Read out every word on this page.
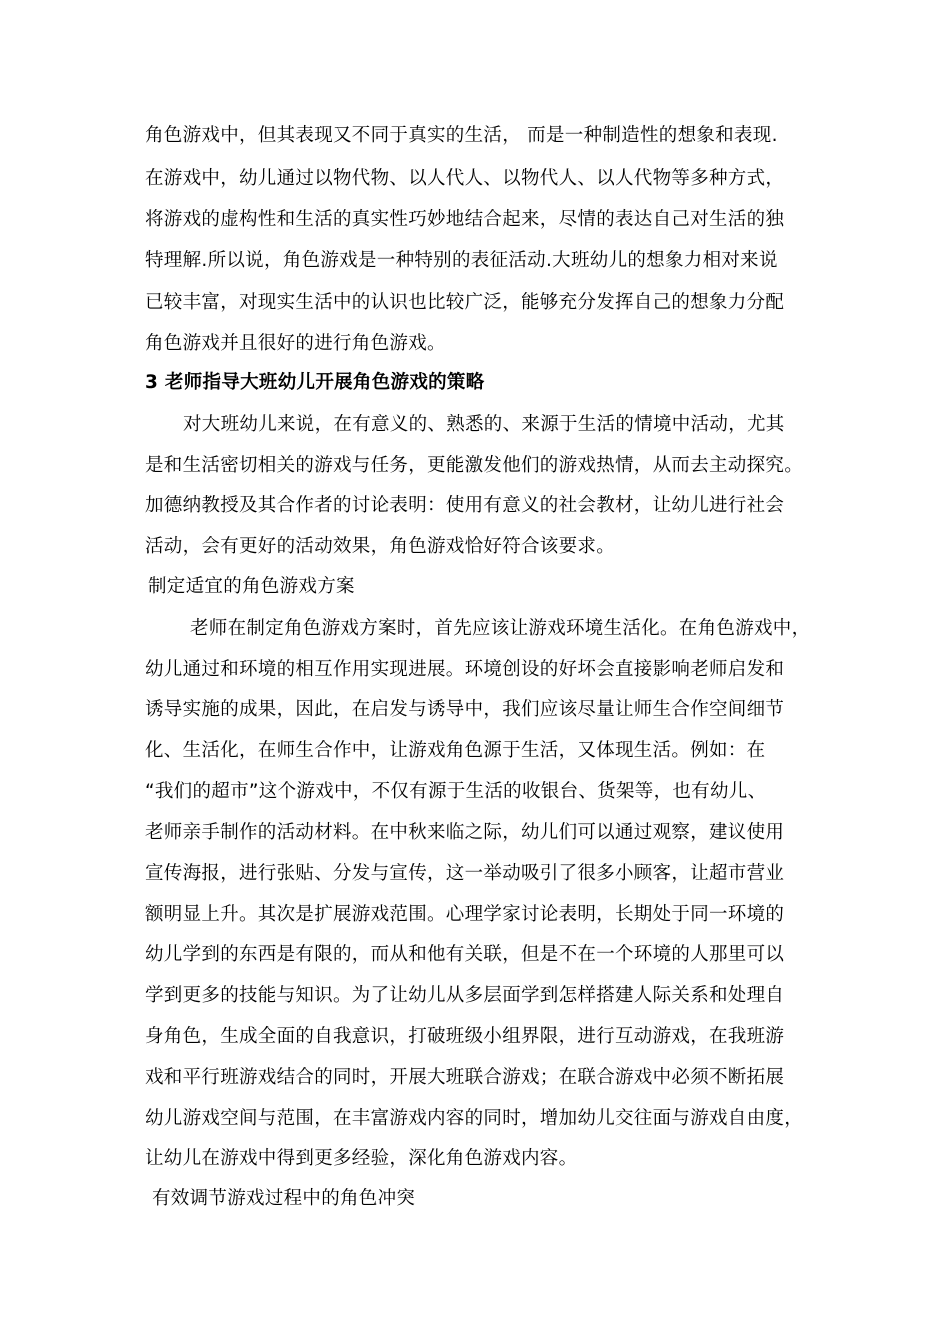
角色游戏中，但其表现又不同于真实的生活， 而是一种制造性的想象和表现.
在游戏中，幼儿通过以物代物、以人代人、以物代人、以人代物等多种方式，
将游戏的虚构性和生活的真实性巧妙地结合起来，尽情的表达自己对生活的独
特理解.所以说，角色游戏是一种特别的表征活动.大班幼儿的想象力相对来说
已较丰富，对现实生活中的认识也比较广泛，能够充分发挥自己的想象力分配
角色游戏并且很好的进行角色游戏。
3 老师指导大班幼儿开展角色游戏的策略
对大班幼儿来说，在有意义的、熟悉的、来源于生活的情境中活动，尤其
是和生活密切相关的游戏与任务，更能激发他们的游戏热情，从而去主动探究。
加德纳教授及其合作者的讨论表明：使用有意义的社会教材，让幼儿进行社会
活动，会有更好的活动效果，角色游戏恰好符合该要求。
制定适宜的角色游戏方案
老师在制定角色游戏方案时，首先应该让游戏环境生活化。在角色游戏中，
幼儿通过和环境的相互作用实现进展。环境创设的好坏会直接影响老师启发和
诱导实施的成果，因此，在启发与诱导中，我们应该尽量让师生合作空间细节
化、生活化，在师生合作中，让游戏角色源于生活，又体现生活。例如：在
“我们的超市”这个游戏中，不仅有源于生活的收银台、货架等，也有幼儿、
老师亲手制作的活动材料。在中秋来临之际，幼儿们可以通过观察，建议使用
宣传海报，进行张贴、分发与宣传，这一举动吸引了很多小顾客，让超市营业
额明显上升。其次是扩展游戏范围。心理学家讨论表明，长期处于同一环境的
幼儿学到的东西是有限的，而从和他有关联，但是不在一个环境的人那里可以
学到更多的技能与知识。为了让幼儿从多层面学到怎样搭建人际关系和处理自
身角色，生成全面的自我意识，打破班级小组界限，进行互动游戏，在我班游
戏和平行班游戏结合的同时，开展大班联合游戏；在联合游戏中必须不断拓展
幼儿游戏空间与范围，在丰富游戏内容的同时，增加幼儿交往面与游戏自由度，
让幼儿在游戏中得到更多经验，深化角色游戏内容。
有效调节游戏过程中的角色冲突
